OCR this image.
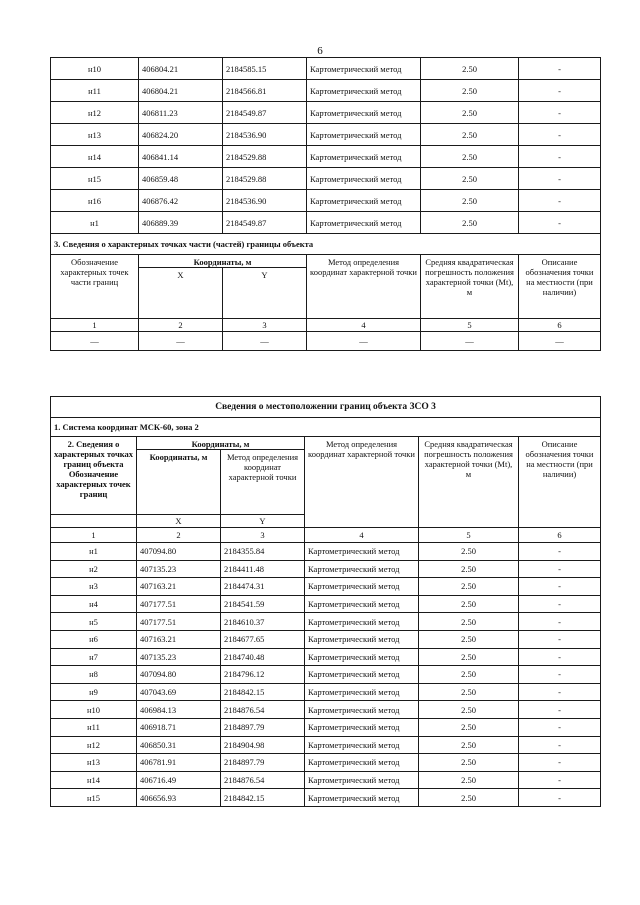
6
н10	406804.21	2184585.15	Картометрический метод	2.50	-
н11	406804.21	2184566.81	Картометрический метод	2.50	-
н12	406811.23	2184549.87	Картометрический метод	2.50	-
н13	406824.20	2184536.90	Картометрический метод	2.50	-
н14	406841.14	2184529.88	Картометрический метод	2.50	-
н15	406859.48	2184529.88	Картометрический метод	2.50	-
н16	406876.42	2184536.90	Картометрический метод	2.50	-
н1	406889.39	2184549.87	Картометрический метод	2.50	-
3. Сведения о характерных точках части (частей) границы объекта					
Обозначение характерных точек части границ	Координаты, м		Метод определения координат характерной точки	Средняя квадратическая погрешность положения характерной точки (Mt), м	Описание обозначения точки на местности (при наличии)
	X	Y			
1	2	3	4	5	6
—	—	—	—	—	—
Сведения о местоположении границ объекта ЗСО 3					
1. Система координат МСК-60, зона 2					
2. Сведения о характерных точках границ объекта Обозначение характерных точек границ	Координаты, м		Метод определения координат характерной точки	Средняя квадратическая погрешность положения характерной точки (Mt), м	Описание обозначения точки на местности (при наличии)
	Координаты, м	Метод определения координат характерной точки			
	X	Y			
1	2	3	4	5	6
н1	407094.80	2184355.84	Картометрический метод	2.50	-
н2	407135.23	2184411.48	Картометрический метод	2.50	-
н3	407163.21	2184474.31	Картометрический метод	2.50	-
н4	407177.51	2184541.59	Картометрический метод	2.50	-
н5	407177.51	2184610.37	Картометрический метод	2.50	-
н6	407163.21	2184677.65	Картометрический метод	2.50	-
н7	407135.23	2184740.48	Картометрический метод	2.50	-
н8	407094.80	2184796.12	Картометрический метод	2.50	-
н9	407043.69	2184842.15	Картометрический метод	2.50	-
н10	406984.13	2184876.54	Картометрический метод	2.50	-
н11	406918.71	2184897.79	Картометрический метод	2.50	-
н12	406850.31	2184904.98	Картометрический метод	2.50	-
н13	406781.91	2184897.79	Картометрический метод	2.50	-
н14	406716.49	2184876.54	Картометрический метод	2.50	-
н15	406656.93	2184842.15	Картометрический метод	2.50	-
